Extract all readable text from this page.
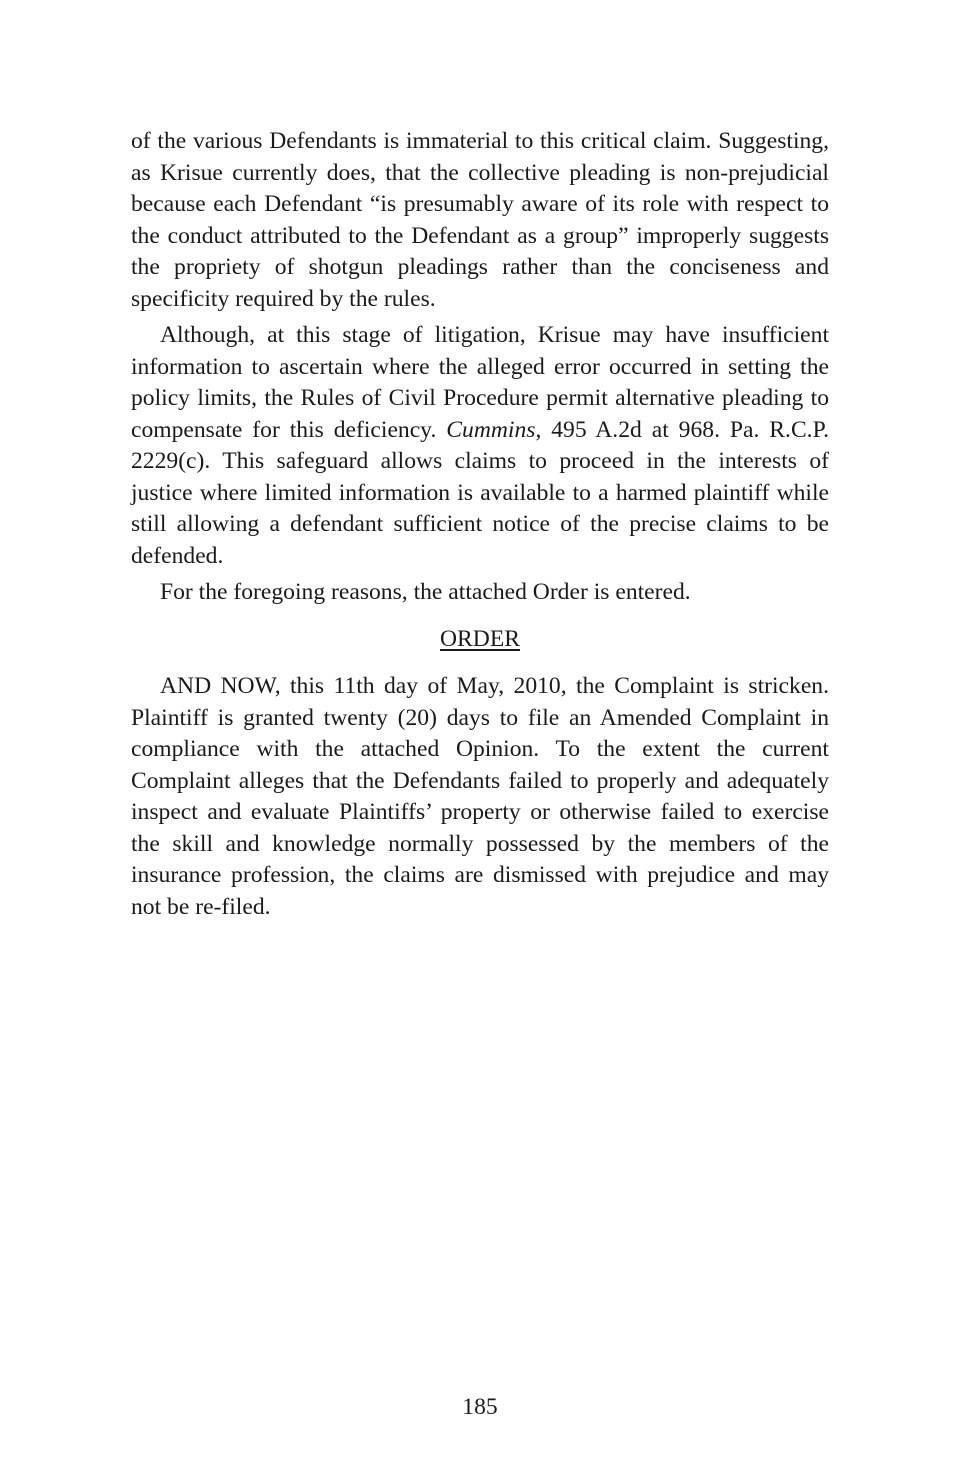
of the various Defendants is immaterial to this critical claim. Suggesting, as Krisue currently does, that the collective pleading is non-prejudicial because each Defendant “is presumably aware of its role with respect to the conduct attributed to the Defendant as a group” improperly suggests the propriety of shotgun pleadings rather than the conciseness and specificity required by the rules.

Although, at this stage of litigation, Krisue may have insufficient information to ascertain where the alleged error occurred in setting the policy limits, the Rules of Civil Procedure permit alternative pleading to compensate for this deficiency. Cummins, 495 A.2d at 968. Pa. R.C.P. 2229(c). This safeguard allows claims to proceed in the interests of justice where limited information is available to a harmed plaintiff while still allowing a defendant sufficient notice of the precise claims to be defended.

For the foregoing reasons, the attached Order is entered.

ORDER

AND NOW, this 11th day of May, 2010, the Complaint is stricken. Plaintiff is granted twenty (20) days to file an Amended Complaint in compliance with the attached Opinion. To the extent the current Complaint alleges that the Defendants failed to properly and adequately inspect and evaluate Plaintiffs’ property or otherwise failed to exercise the skill and knowledge normally possessed by the members of the insurance profession, the claims are dismissed with prejudice and may not be re-filed.

185
